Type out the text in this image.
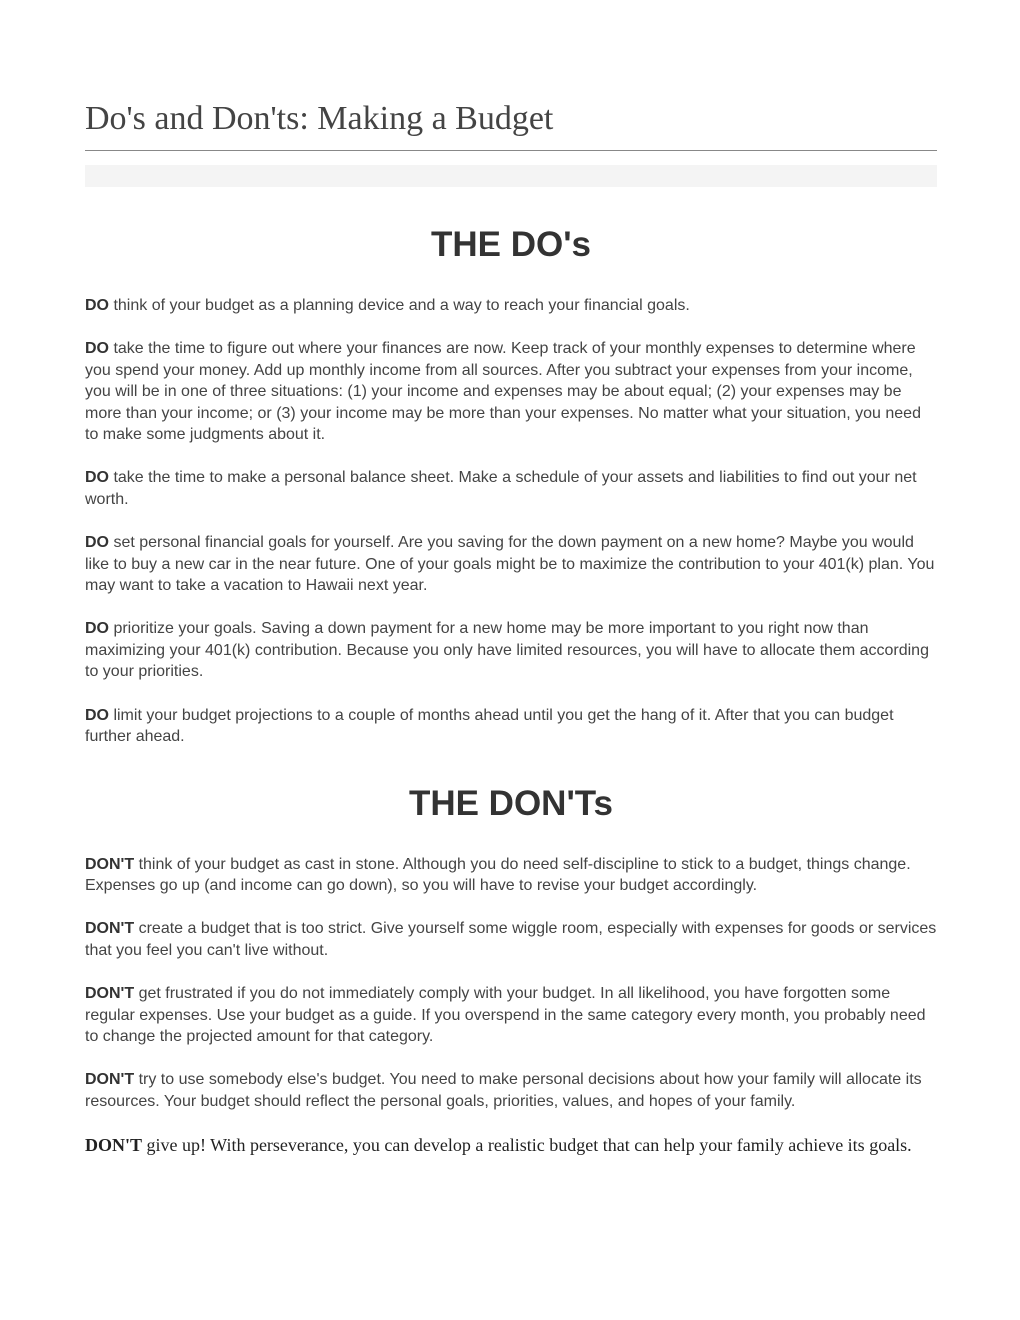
Do's and Don'ts: Making a Budget
THE DO's

DO think of your budget as a planning device and a way to reach your financial goals.

DO take the time to figure out where your finances are now. Keep track of your monthly expenses to determine where you spend your money. Add up monthly income from all sources. After you subtract your expenses from your income, you will be in one of three situations: (1) your income and expenses may be about equal; (2) your expenses may be more than your income; or (3) your income may be more than your expenses. No matter what your situation, you need to make some judgments about it.

DO take the time to make a personal balance sheet. Make a schedule of your assets and liabilities to find out your net worth.

DO set personal financial goals for yourself. Are you saving for the down payment on a new home? Maybe you would like to buy a new car in the near future. One of your goals might be to maximize the contribution to your 401(k) plan. You may want to take a vacation to Hawaii next year.

DO prioritize your goals. Saving a down payment for a new home may be more important to you right now than maximizing your 401(k) contribution. Because you only have limited resources, you will have to allocate them according to your priorities.

DO limit your budget projections to a couple of months ahead until you get the hang of it. After that you can budget further ahead.

THE DON'Ts

DON'T think of your budget as cast in stone. Although you do need self-discipline to stick to a budget, things change. Expenses go up (and income can go down), so you will have to revise your budget accordingly.

DON'T create a budget that is too strict. Give yourself some wiggle room, especially with expenses for goods or services that you feel you can't live without.

DON'T get frustrated if you do not immediately comply with your budget. In all likelihood, you have forgotten some regular expenses. Use your budget as a guide. If you overspend in the same category every month, you probably need to change the projected amount for that category.

DON'T try to use somebody else's budget. You need to make personal decisions about how your family will allocate its resources. Your budget should reflect the personal goals, priorities, values, and hopes of your family.

DON'T give up! With perseverance, you can develop a realistic budget that can help your family achieve its goals.
